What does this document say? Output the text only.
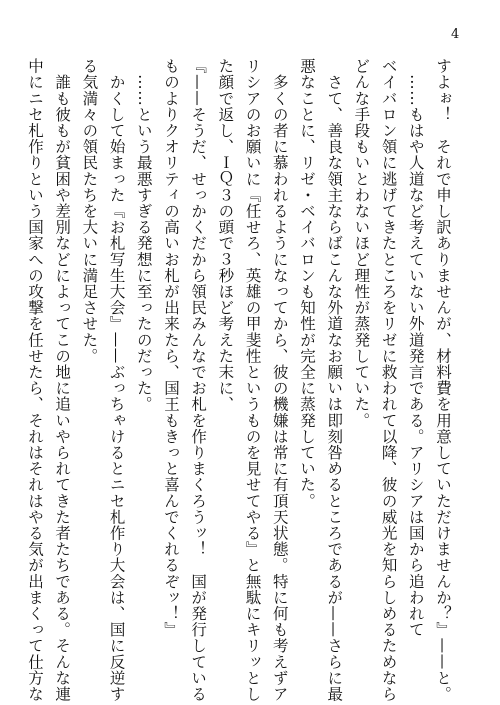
4

すよぉ！　それで申し訳ありませんが、材料費を用意していただけませんか？』——と。

　……もはや人道など考えていない外道発言である。アリシアは国から追われて

ベイバロン領に逃げてきたところをリゼに救われて以降、彼の威光を知らしめるためなら

どんな手段もいとわないほど理性が蒸発していた。

　さて、善良な領主ならばこんな外道なお願いは即刻咎めるところであるが——さらに最

悪なことに、リゼ・ベイバロンも知性が完全に蒸発していた。

　多くの者に慕われるようになってから、彼の機嫌は常に有頂天状態。特に何も考えずア

リシアのお願いに『任せろ、英雄の甲斐性というものを見せてやる』と無駄にキリッとし

た顔で返し、ＩＱ３の頭で３秒ほど考えた末に、

『——そうだ、せっかくだから領民みんなでお札を作りまくろうッ！　国が発行している

ものよりクオリティの高いお札が出来たら、国王もきっと喜んでくれるぞッ！』

　……という最悪すぎる発想に至ったのだった。

　かくして始まった『お札写生大会』——ぶっちゃけるとニセ札作り大会は、国に反逆す

る気満々の領民たちを大いに満足させた。

　誰も彼もが貧困や差別などによってこの地に追いやられてきた者たちである。そんな連

中にニセ札作りという国家への攻撃を任せたら、それはそれはやる気が出まくって仕方な
